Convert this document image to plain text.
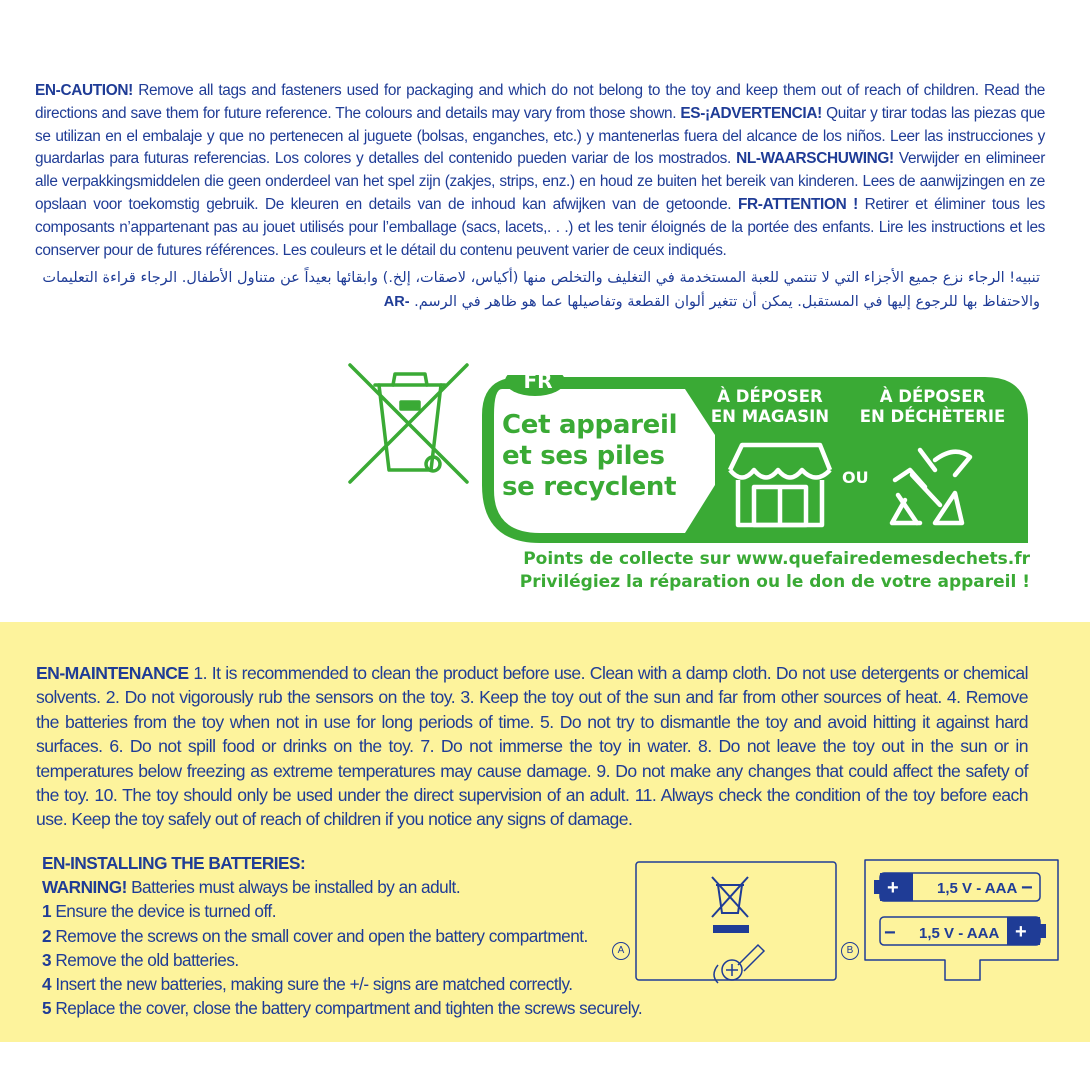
EN-CAUTION! Remove all tags and fasteners used for packaging and which do not belong to the toy and keep them out of reach of children. Read the directions and save them for future reference. The colours and details may vary from those shown. ES-¡ADVERTENCIA! Quitar y tirar todas las piezas que se utilizan en el embalaje y que no pertenecen al juguete (bolsas, enganches, etc.) y mantenerlas fuera del alcance de los niños. Leer las instrucciones y guardarlas para futuras referencias. Los colores y detalles del contenido pueden variar de los mostrados. NL-WAARSCHUWING! Verwijder en elimineer alle verpakkingsmiddelen die geen onderdeel van het spel zijn (zakjes, strips, enz.) en houd ze buiten het bereik van kinderen. Lees de aanwijzingen en ze opslaan voor toekomstig gebruik. De kleuren en details van de inhoud kan afwijken van de getoonde. FR-ATTENTION ! Retirer et éliminer tous les composants n’appartenant pas au jouet utilisés pour l’emballage (sacs, lacets,. . .) et les tenir éloignés de la portée des enfants. Lire les instructions et les conserver pour de futures références. Les couleurs et le détail du contenu peuvent varier de ceux indiqués.
تنبيه! الرجاء نزع جميع الأجزاء التي لا تنتمي للعبة المستخدمة في التغليف والتخلص منها (أكياس، لاصقات، إلخ.) وابقائها بعيداً عن متناول الأطفال. الرجاء قراءة التعليمات والاحتفاظ بها للرجوع إليها في المستقبل. يمكن أن تتغير ألوان القطعة وتفاصيلها عما هو ظاهر في الرسم. AR-
FR
Cet appareil
et ses piles
se recyclent
À DÉPOSER
EN MAGASIN
À DÉPOSER
EN DÉCHÈTERIE
OU
Points de collecte sur www.quefairedemesdechets.fr
Privilégiez la réparation ou le don de votre appareil !
EN-MAINTENANCE 1. It is recommended to clean the product before use. Clean with a damp cloth. Do not use detergents or chemical solvents. 2. Do not vigorously rub the sensors on the toy. 3. Keep the toy out of the sun and far from other sources of heat. 4. Remove the batteries from the toy when not in use for long periods of time. 5. Do not try to dismantle the toy and avoid hitting it against hard surfaces. 6. Do not spill food or drinks on the toy. 7. Do not immerse the toy in water. 8. Do not leave the toy out in the sun or in temperatures below freezing as extreme temperatures may cause damage. 9. Do not make any changes that could affect the safety of the toy. 10. The toy should only be used under the direct supervision of an adult. 11. Always check the condition of the toy before each use. Keep the toy safely out of reach of children if you notice any signs of damage.
EN-INSTALLING THE BATTERIES:
WARNING! Batteries must always be installed by an adult.
1 Ensure the device is turned off.
2 Remove the screws on the small cover and open the battery compartment.
3 Remove the old batteries.
4 Insert the new batteries, making sure the +/- signs are matched correctly.
5 Replace the cover, close the battery compartment and tighten the screws securely.
A
+	1,5 V - AAA −
− 1,5 V - AAA +
B
